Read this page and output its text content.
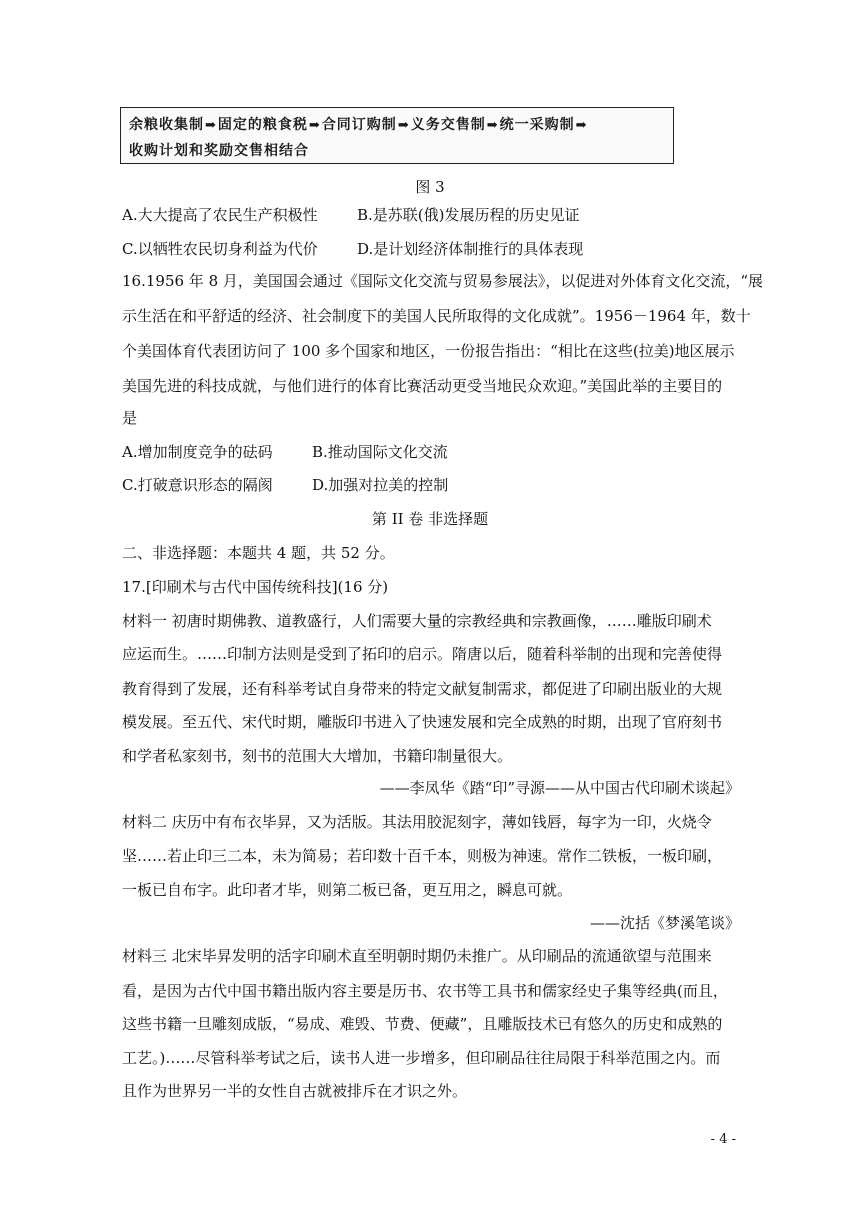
余粮收集制➡固定的粮食税➡合同订购制➡义务交售制➡统一采购制➡
收购计划和奖励交售相结合
图 3
A.大大提高了农民生产积极性	B.是苏联(俄)发展历程的历史见证
C.以牺牲农民切身利益为代价	D.是计划经济体制推行的具体表现
16.1956 年 8 月，美国国会通过《国际文化交流与贸易参展法》，以促进对外体育文化交流，“展
示生活在和平舒适的经济、社会制度下的美国人民所取得的文化成就”。1956－1964 年，数十
个美国体育代表团访问了 100 多个国家和地区，一份报告指出：“相比在这些(拉美)地区展示
美国先进的科技成就，与他们进行的体育比赛活动更受当地民众欢迎。”美国此举的主要目的
是
A.增加制度竞争的砝码	B.推动国际文化交流
C.打破意识形态的隔阂	D.加强对拉美的控制
第 II 卷 非选择题
二、非选择题：本题共 4 题，共 52 分。
17.[印刷术与古代中国传统科技](16 分)
材料一 初唐时期佛教、道教盛行，人们需要大量的宗教经典和宗教画像，……雕版印刷术
应运而生。……印制方法则是受到了拓印的启示。隋唐以后，随着科举制的出现和完善使得
教育得到了发展，还有科举考试自身带来的特定文献复制需求，都促进了印刷出版业的大规
模发展。至五代、宋代时期，雕版印书进入了快速发展和完全成熟的时期，出现了官府刻书
和学者私家刻书，刻书的范围大大增加，书籍印制量很大。
——李凤华《踏“印”寻源——从中国古代印刷术谈起》
材料二 庆历中有布衣毕昇，又为活版。其法用胶泥刻字，薄如钱唇，每字为一印，火烧令
坚……若止印三二本，未为简易；若印数十百千本，则极为神速。常作二铁板，一板印刷，
一板已自布字。此印者才毕，则第二板已备，更互用之，瞬息可就。
——沈括《梦溪笔谈》
材料三 北宋毕昇发明的活字印刷术直至明朝时期仍未推广。从印刷品的流通欲望与范围来
看，是因为古代中国书籍出版内容主要是历书、农书等工具书和儒家经史子集等经典(而且，
这些书籍一旦雕刻成版，“易成、难毁、节费、便藏”，且雕版技术已有悠久的历史和成熟的
工艺。)……尽管科举考试之后，读书人进一步增多，但印刷品往往局限于科举范围之内。而
且作为世界另一半的女性自古就被排斥在才识之外。
- 4 -
